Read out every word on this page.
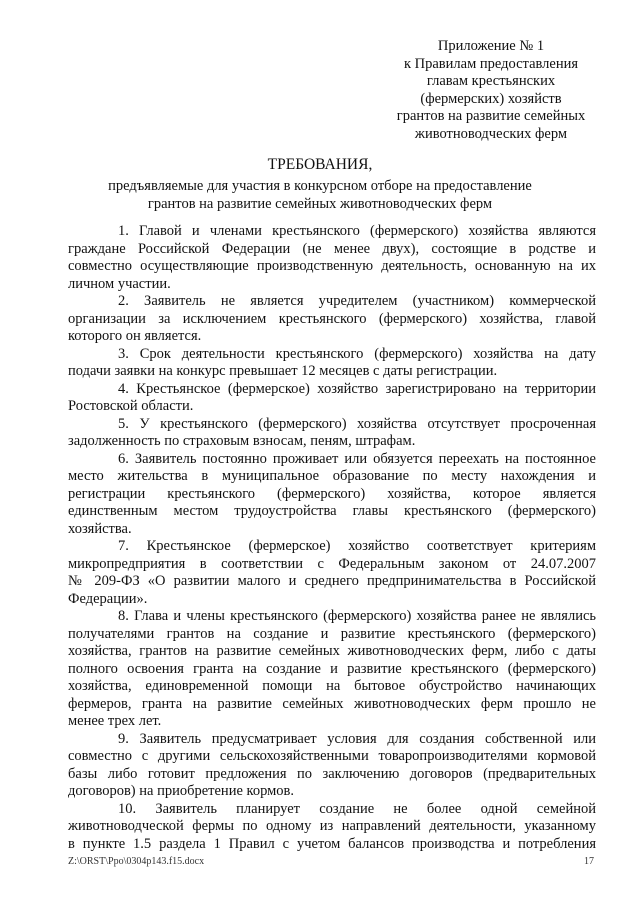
Приложение № 1
к Правилам предоставления
главам крестьянских
(фермерских) хозяйств
грантов на развитие семейных
животноводческих ферм
ТРЕБОВАНИЯ,
предъявляемые для участия в конкурсном отборе на предоставление
грантов на развитие семейных животноводческих ферм
1. Главой и членами крестьянского (фермерского) хозяйства являются
граждане Российской Федерации (не менее двух), состоящие в родстве и
совместно осуществляющие производственную деятельность, основанную на их
личном участии.
2. Заявитель не является учредителем (участником) коммерческой
организации за исключением крестьянского (фермерского) хозяйства, главой
которого он является.
3. Срок деятельности крестьянского (фермерского) хозяйства на дату
подачи заявки на конкурс превышает 12 месяцев с даты регистрации.
4. Крестьянское (фермерское) хозяйство зарегистрировано на территории
Ростовской области.
5. У крестьянского (фермерского) хозяйства отсутствует просроченная
задолженность по страховым взносам, пеням, штрафам.
6. Заявитель постоянно проживает или обязуется переехать на постоянное
место жительства в муниципальное образование по месту нахождения и
регистрации крестьянского (фермерского) хозяйства, которое является
единственным местом трудоустройства главы крестьянского (фермерского)
хозяйства.
7. Крестьянское (фермерское) хозяйство соответствует критериям
микропредприятия в соответствии с Федеральным законом от 24.07.2007
№ 209-ФЗ «О развитии малого и среднего предпринимательства в Российской
Федерации».
8. Глава и члены крестьянского (фермерского) хозяйства ранее не являлись
получателями грантов на создание и развитие крестьянского (фермерского)
хозяйства, грантов на развитие семейных животноводческих ферм, либо с даты
полного освоения гранта на создание и развитие крестьянского (фермерского)
хозяйства, единовременной помощи на бытовое обустройство начинающих
фермеров, гранта на развитие семейных животноводческих ферм прошло не
менее трех лет.
9. Заявитель предусматривает условия для создания собственной или
совместно с другими сельскохозяйственными товаропроизводителями кормовой
базы либо готовит предложения по заключению договоров (предварительных
договоров) на приобретение кормов.
10. Заявитель планирует создание не более одной семейной
животноводческой фермы по одному из направлений деятельности, указанному
в пункте 1.5 раздела 1 Правил с учетом балансов производства и потребления
Z:\ORST\Ppo\0304p143.f15.docx	17
